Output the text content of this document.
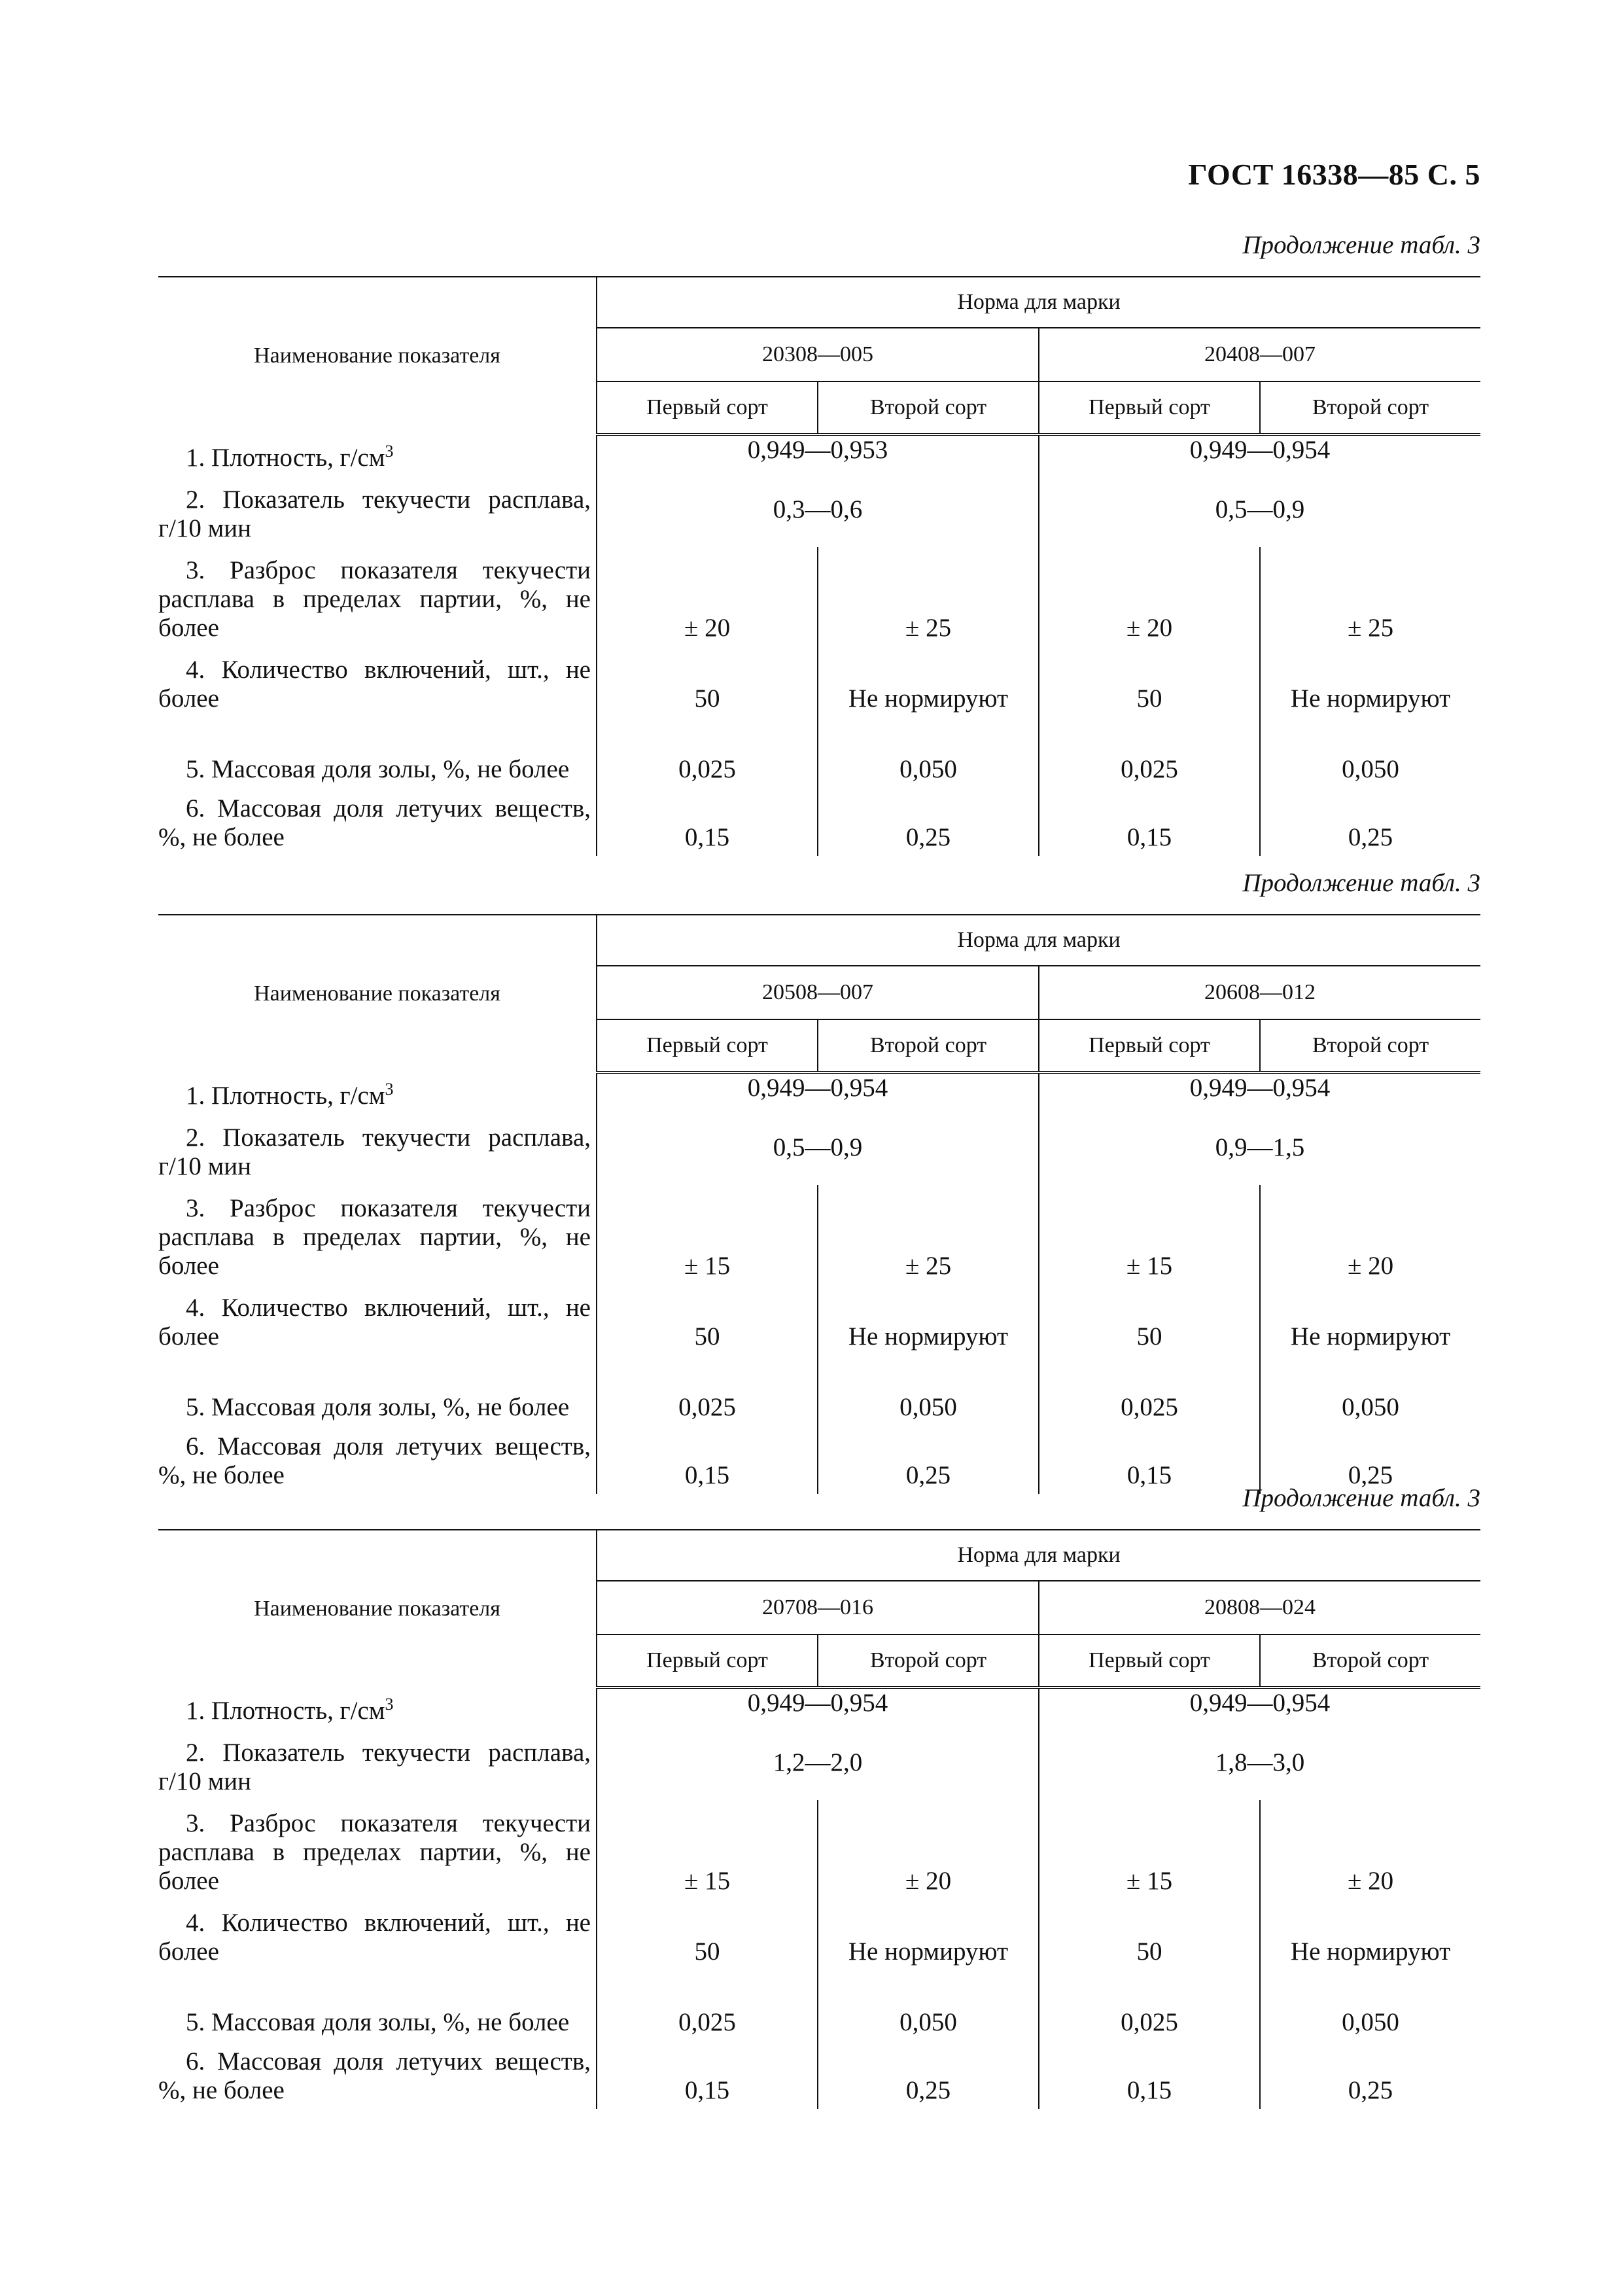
ГОСТ 16338—85 С. 5
Продолжение табл. 3
Наименование показателя	Норма для марки			
	20308—005		20408—007	
	Первый сорт	Второй сорт	Первый сорт	Второй сорт
1. Плотность, $г/см^3$	0,949—0,953		0,949—0,954	
2. Показатель текучести расплава, г/10 мин	0,3—0,6		0,5—0,9	
3. Разброс показателя текучести расплава в пределах партии, %, не более	± 20	± 25	± 20	± 25
4. Количество включений, шт., не более	50	Не нормируют	50	Не нормируют
5. Массовая доля золы, %, не более	0,025	0,050	0,025	0,050
6. Массовая доля летучих веществ, %, не более	0,15	0,25	0,15	0,25
Продолжение табл. 3
Наименование показателя	Норма для марки			
	20508—007		20608—012	
	Первый сорт	Второй сорт	Первый сорт	Второй сорт
1. Плотность, $г/см^3$	0,949—0,954		0,949—0,954	
2. Показатель текучести расплава, г/10 мин	0,5—0,9		0,9—1,5	
3. Разброс показателя текучести расплава в пределах партии, %, не более	± 15	± 25	± 15	± 20
4. Количество включений, шт., не более	50	Не нормируют	50	Не нормируют
5. Массовая доля золы, %, не более	0,025	0,050	0,025	0,050
6. Массовая доля летучих веществ, %, не более	0,15	0,25	0,15	0,25
Продолжение табл. 3
Наименование показателя	Норма для марки			
	20708—016		20808—024	
	Первый сорт	Второй сорт	Первый сорт	Второй сорт
1. Плотность, $г/см^3$	0,949—0,954		0,949—0,954	
2. Показатель текучести расплава, г/10 мин	1,2—2,0		1,8—3,0	
3. Разброс показателя текучести расплава в пределах партии, %, не более	± 15	± 20	± 15	± 20
4. Количество включений, шт., не более	50	Не нормируют	50	Не нормируют
5. Массовая доля золы, %, не более	0,025	0,050	0,025	0,050
6. Массовая доля летучих веществ, %, не более	0,15	0,25	0,15	0,25
